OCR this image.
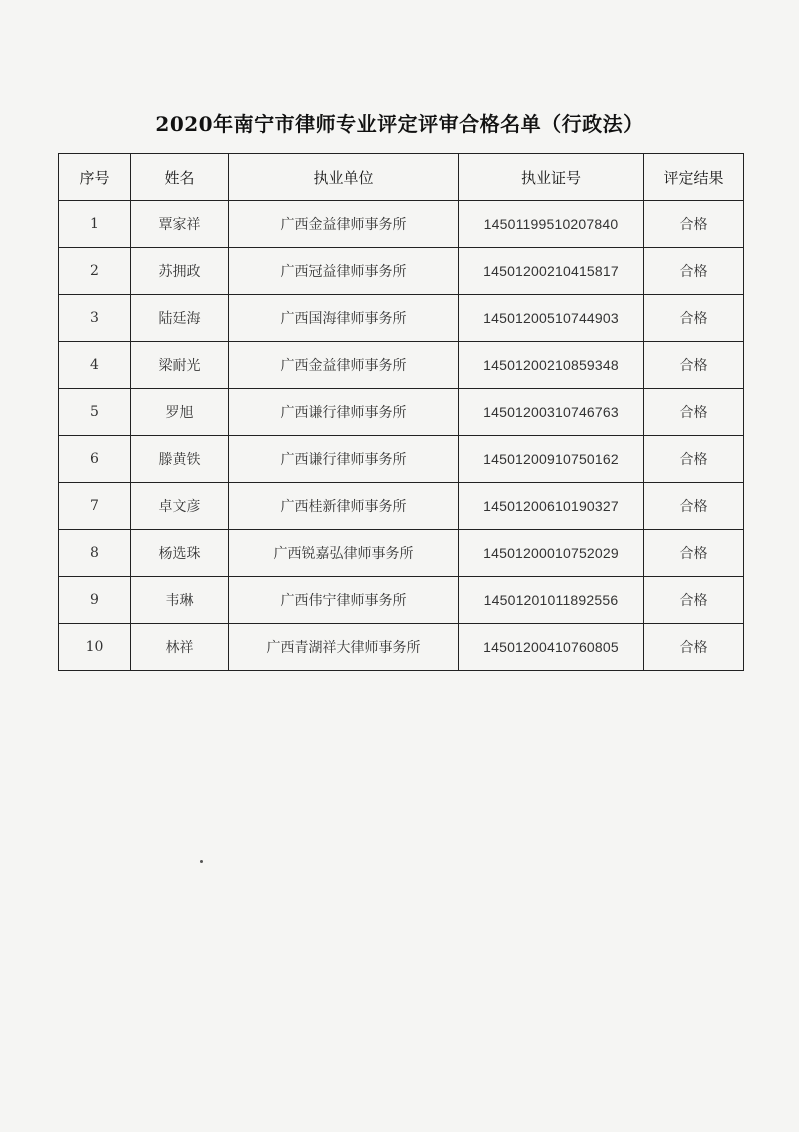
2020年南宁市律师专业评定评审合格名单（行政法）
序号	姓名	执业单位	执业证号	评定结果
1	覃家祥	广西金益律师事务所	14501199510207840	合格
2	苏拥政	广西冠益律师事务所	14501200210415817	合格
3	陆廷海	广西国海律师事务所	14501200510744903	合格
4	梁耐光	广西金益律师事务所	14501200210859348	合格
5	罗旭	广西谦行律师事务所	14501200310746763	合格
6	滕黄铁	广西谦行律师事务所	14501200910750162	合格
7	卓文彦	广西桂新律师事务所	14501200610190327	合格
8	杨选珠	广西锐嘉弘律师事务所	14501200010752029	合格
9	韦琳	广西伟宁律师事务所	14501201011892556	合格
10	林祥	广西青湖祥大律师事务所	14501200410760805	合格
